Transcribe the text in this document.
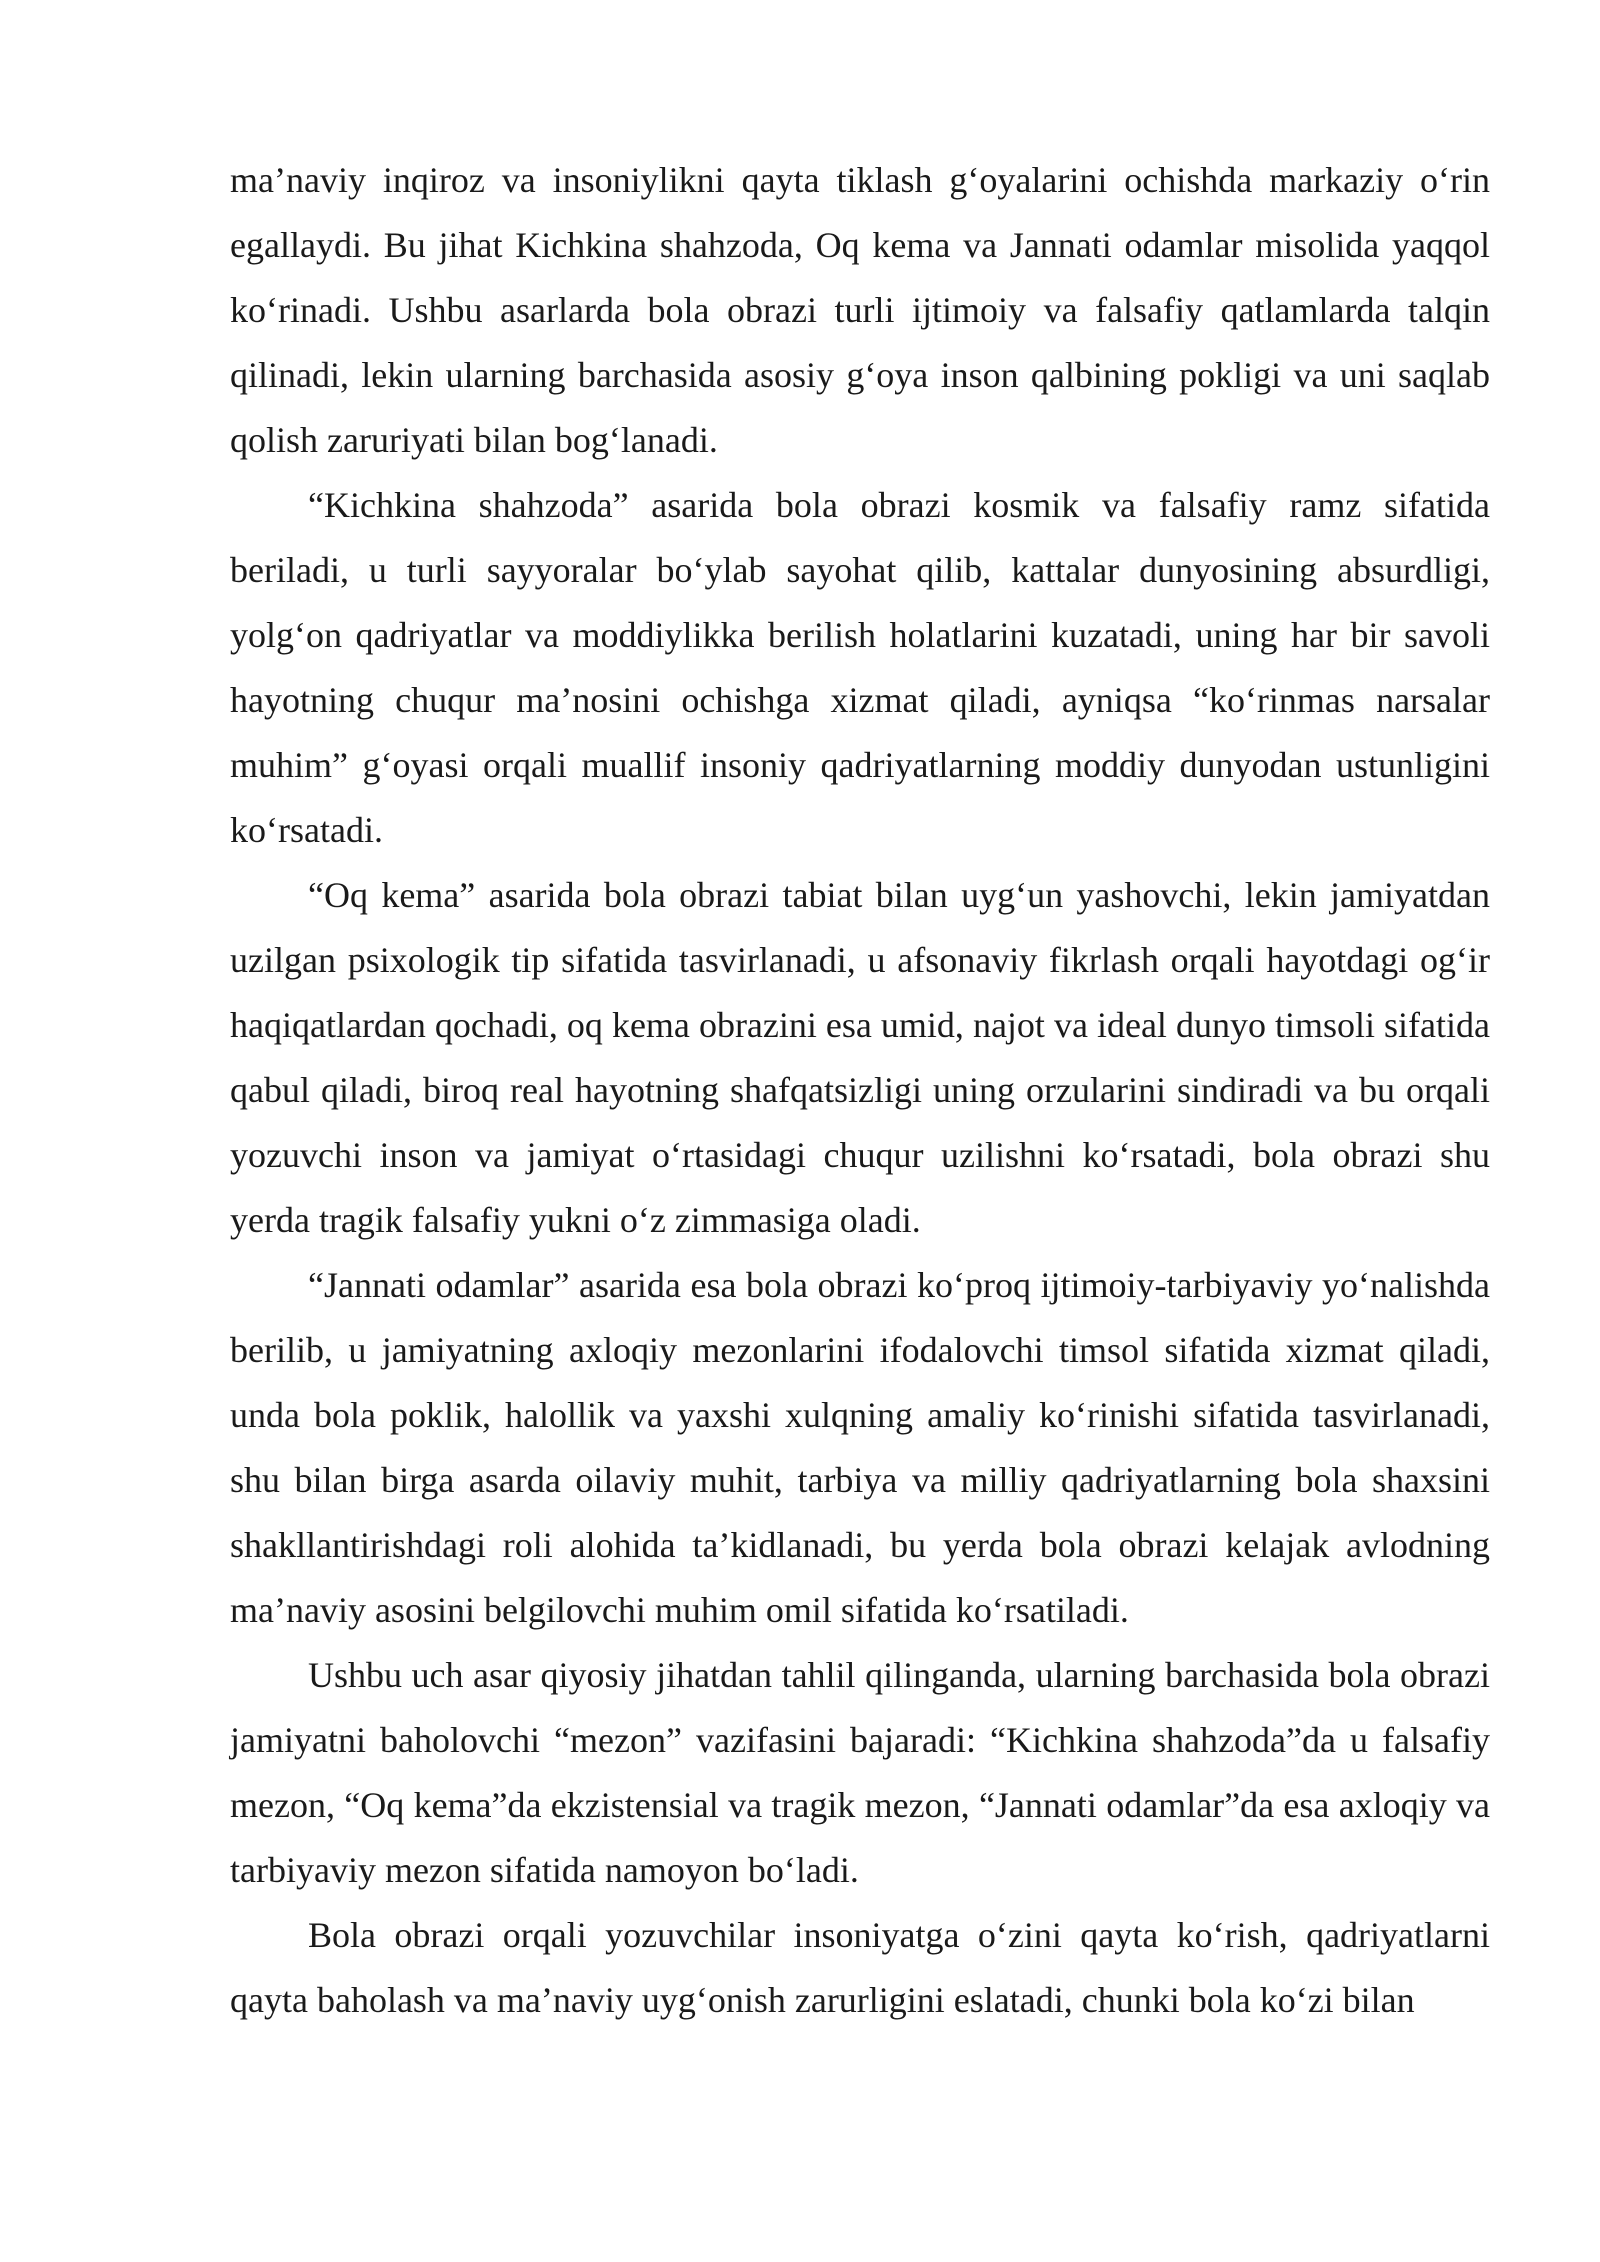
ma’naviy inqiroz va insoniylikni qayta tiklash g‘oyalarini ochishda markaziy o‘rin egallaydi. Bu jihat Kichkina shahzoda, Oq kema va Jannati odamlar misolida yaqqol ko‘rinadi. Ushbu asarlarda bola obrazi turli ijtimoiy va falsafiy qatlamlarda talqin qilinadi, lekin ularning barchasida asosiy g‘oya inson qalbining pokligi va uni saqlab qolish zaruriyati bilan bog‘lanadi.

“Kichkina shahzoda” asarida bola obrazi kosmik va falsafiy ramz sifatida beriladi, u turli sayyoralar bo‘ylab sayohat qilib, kattalar dunyosining absurdligi, yolg‘on qadriyatlar va moddiylikka berilish holatlarini kuzatadi, uning har bir savoli hayotning chuqur ma’nosini ochishga xizmat qiladi, ayniqsa “ko‘rinmas narsalar muhim” g‘oyasi orqali muallif insoniy qadriyatlarning moddiy dunyodan ustunligini ko‘rsatadi.

“Oq kema” asarida bola obrazi tabiat bilan uyg‘un yashovchi, lekin jamiyatdan uzilgan psixologik tip sifatida tasvirlanadi, u afsonaviy fikrlash orqali hayotdagi og‘ir haqiqatlardan qochadi, oq kema obrazini esa umid, najot va ideal dunyo timsoli sifatida qabul qiladi, biroq real hayotning shafqatsizligi uning orzularini sindiradi va bu orqali yozuvchi inson va jamiyat o‘rtasidagi chuqur uzilishni ko‘rsatadi, bola obrazi shu yerda tragik falsafiy yukni o‘z zimmasiga oladi.

“Jannati odamlar” asarida esa bola obrazi ko‘proq ijtimoiy-tarbiyaviy yo‘nalishda berilib, u jamiyatning axloqiy mezonlarini ifodalovchi timsol sifatida xizmat qiladi, unda bola poklik, halollik va yaxshi xulqning amaliy ko‘rinishi sifatida tasvirlanadi, shu bilan birga asarda oilaviy muhit, tarbiya va milliy qadriyatlarning bola shaxsini shakllantirishdagi roli alohida ta’kidlanadi, bu yerda bola obrazi kelajak avlodning ma’naviy asosini belgilovchi muhim omil sifatida ko‘rsatiladi.

Ushbu uch asar qiyosiy jihatdan tahlil qilinganda, ularning barchasida bola obrazi jamiyatni baholovchi “mezon” vazifasini bajaradi: “Kichkina shahzoda”da u falsafiy mezon, “Oq kema”da ekzistensial va tragik mezon, “Jannati odamlar”da esa axloqiy va tarbiyaviy mezon sifatida namoyon bo‘ladi.

Bola obrazi orqali yozuvchilar insoniyatga o‘zini qayta ko‘rish, qadriyatlarni qayta baholash va ma’naviy uyg‘onish zarurligini eslatadi, chunki bola ko‘zi bilan
